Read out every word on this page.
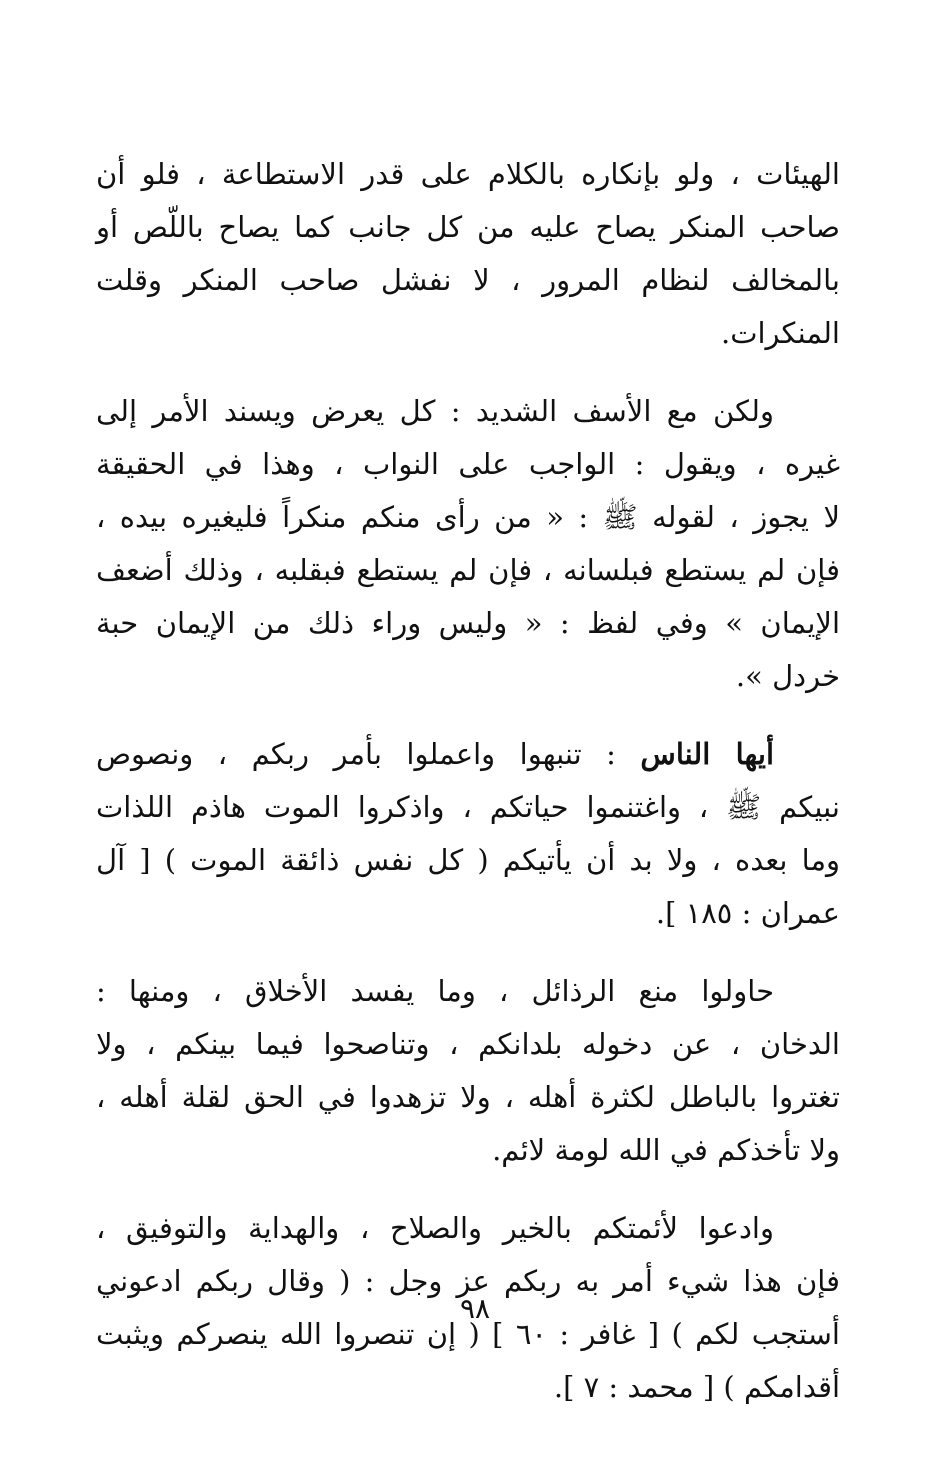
الهيئات ، ولو بإنكاره بالكلام على قدر الاستطاعة ، فلو أن
صاحب المنكر يصاح عليه من كل جانب كما يصاح باللّص أو
بالمخالف لنظام المرور ، لا نفشل صاحب المنكر وقلت
المنكرات.

ولكن مع الأسف الشديد : كل يعرض ويسند الأمر إلى
غيره ، ويقول : الواجب على النواب ، وهذا في الحقيقة
لا يجوز ، لقوله ﷺ : « من رأى منكم منكراً فليغيره بيده ،
فإن لم يستطع فبلسانه ، فإن لم يستطع فبقلبه ، وذلك أضعف
الإيمان » وفي لفظ : « وليس وراء ذلك من الإيمان حبة
خردل ».

أيها الناس : تنبهوا واعملوا بأمر ربكم ، ونصوص
نبيكم ﷺ ، واغتنموا حياتكم ، واذكروا الموت هاذم اللذات
وما بعده ، ولا بد أن يأتيكم ( كل نفس ذائقة الموت ) [ آل
عمران : ١٨٥ ].

حاولوا منع الرذائل ، وما يفسد الأخلاق ، ومنها :
الدخان ، عن دخوله بلدانكم ، وتناصحوا فيما بينكم ، ولا
تغتروا بالباطل لكثرة أهله ، ولا تزهدوا في الحق لقلة أهله ،
ولا تأخذكم في الله لومة لائم.

وادعوا لأئمتكم بالخير والصلاح ، والهداية والتوفيق ،
فإن هذا شيء أمر به ربكم عز وجل : ( وقال ربكم ادعوني
أستجب لكم ) [ غافر : ٦٠ ] ( إن تنصروا الله ينصركم ويثبت
أقدامكم ) [ محمد : ٧ ].

٩٨
